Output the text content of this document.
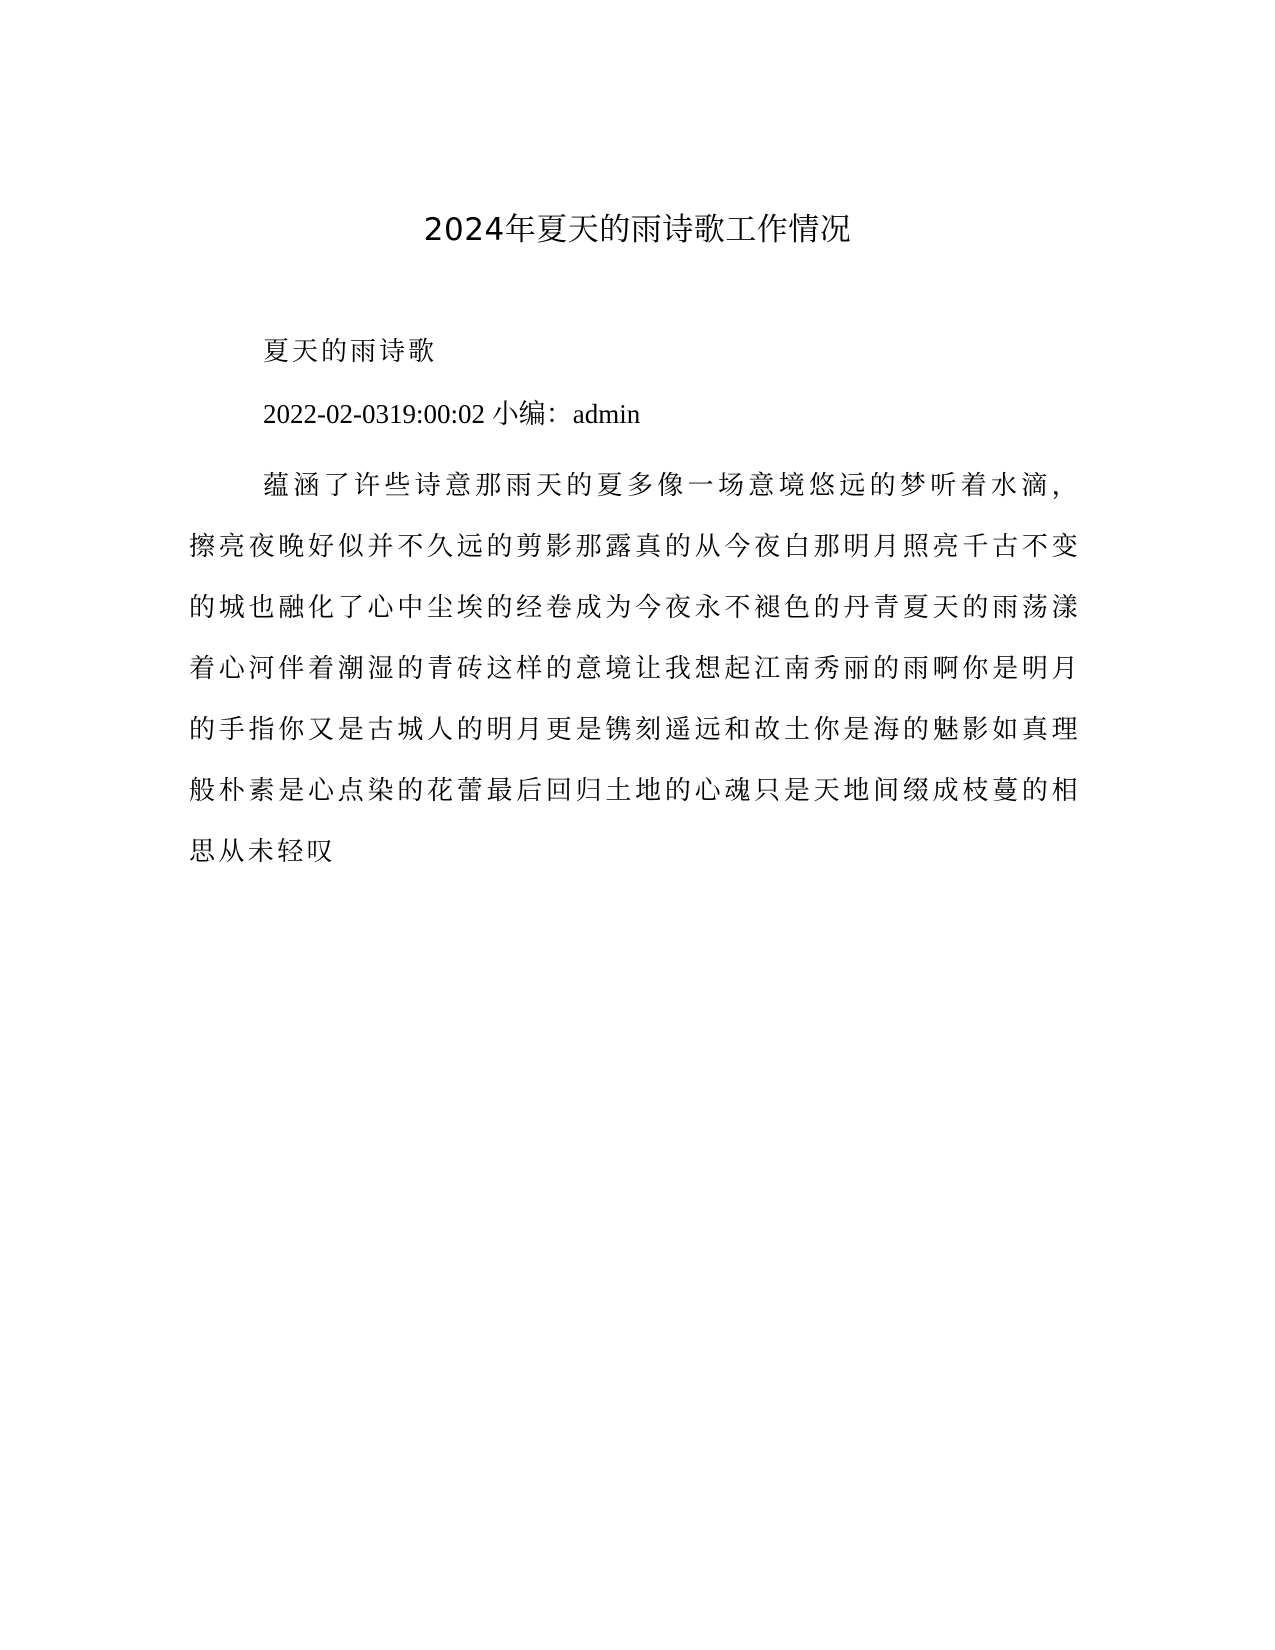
2024年夏天的雨诗歌工作情况
夏天的雨诗歌
2022-02-0319:00:02 小编：admin
蕴涵了许些诗意那雨天的夏多像一场意境悠远的梦听着水滴，擦亮夜晚好似并不久远的剪影那露真的从今夜白那明月照亮千古不变的城也融化了心中尘埃的经卷成为今夜永不褪色的丹青夏天的雨荡漾着心河伴着潮湿的青砖这样的意境让我想起江南秀丽的雨啊你是明月的手指你又是古城人的明月更是镌刻遥远和故土你是海的魅影如真理般朴素是心点染的花蕾最后回归土地的心魂只是天地间缀成枝蔓的相思从未轻叹
